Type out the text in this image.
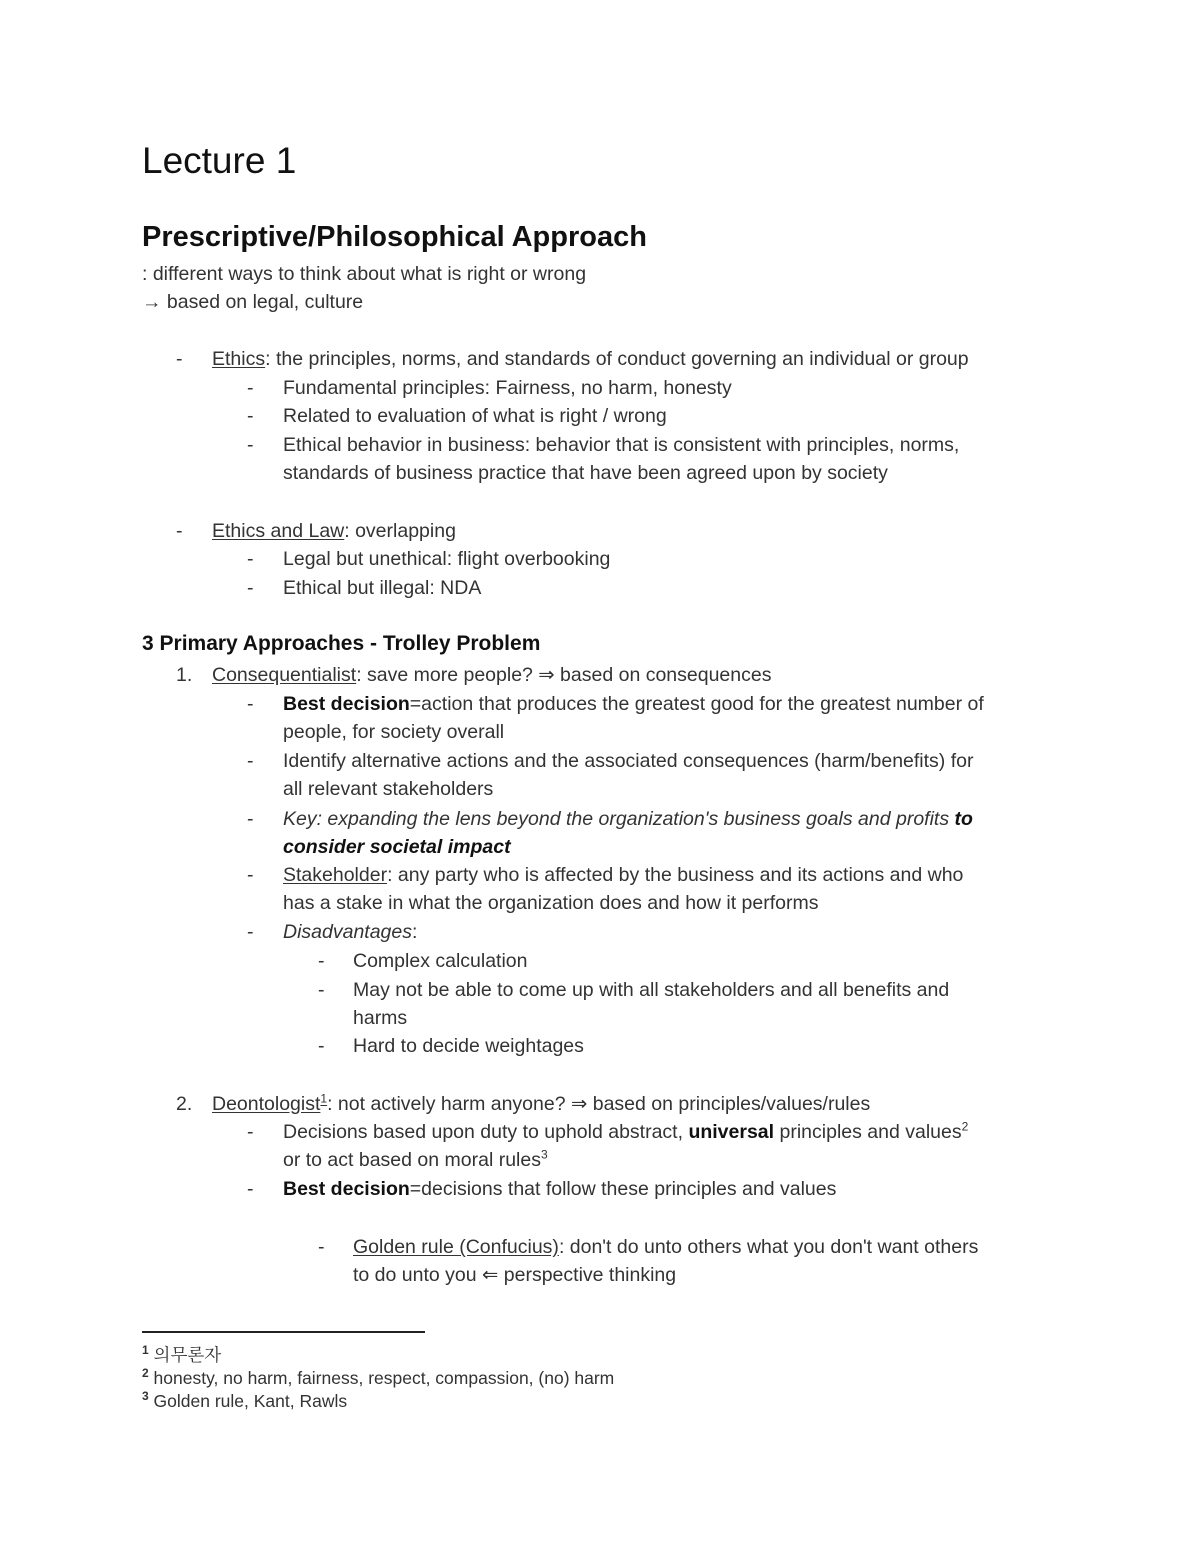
Lecture 1
Prescriptive/Philosophical Approach
: different ways to think about what is right or wrong
→ based on legal, culture
- Ethics: the principles, norms, and standards of conduct governing an individual or group
- Fundamental principles: Fairness, no harm, honesty
- Related to evaluation of what is right / wrong
- Ethical behavior in business: behavior that is consistent with principles, norms,
standards of business practice that have been agreed upon by society
- Ethics and Law: overlapping
- Legal but unethical: flight overbooking
- Ethical but illegal: NDA
3 Primary Approaches - Trolley Problem
1. Consequentialist: save more people? ⇒ based on consequences
- Best decision=action that produces the greatest good for the greatest number of
people, for society overall
- Identify alternative actions and the associated consequences (harm/benefits) for
all relevant stakeholders
- Key: expanding the lens beyond the organization's business goals and profits to
consider societal impact
- Stakeholder: any party who is affected by the business and its actions and who
has a stake in what the organization does and how it performs
- Disadvantages:
- Complex calculation
- May not be able to come up with all stakeholders and all benefits and
harms
- Hard to decide weightages
2. Deontologist$^1$: not actively harm anyone? ⇒ based on principles/values/rules
- Decisions based upon duty to uphold abstract, universal principles and values$^2$
or to act based on moral rules$^3$
- Best decision=decisions that follow these principles and values
- Golden rule (Confucius): don't do unto others what you don't want others
to do unto you ⇐ perspective thinking
$^1$ 의무론자
$^2$ honesty, no harm, fairness, respect, compassion, (no) harm
$^3$ Golden rule, Kant, Rawls
